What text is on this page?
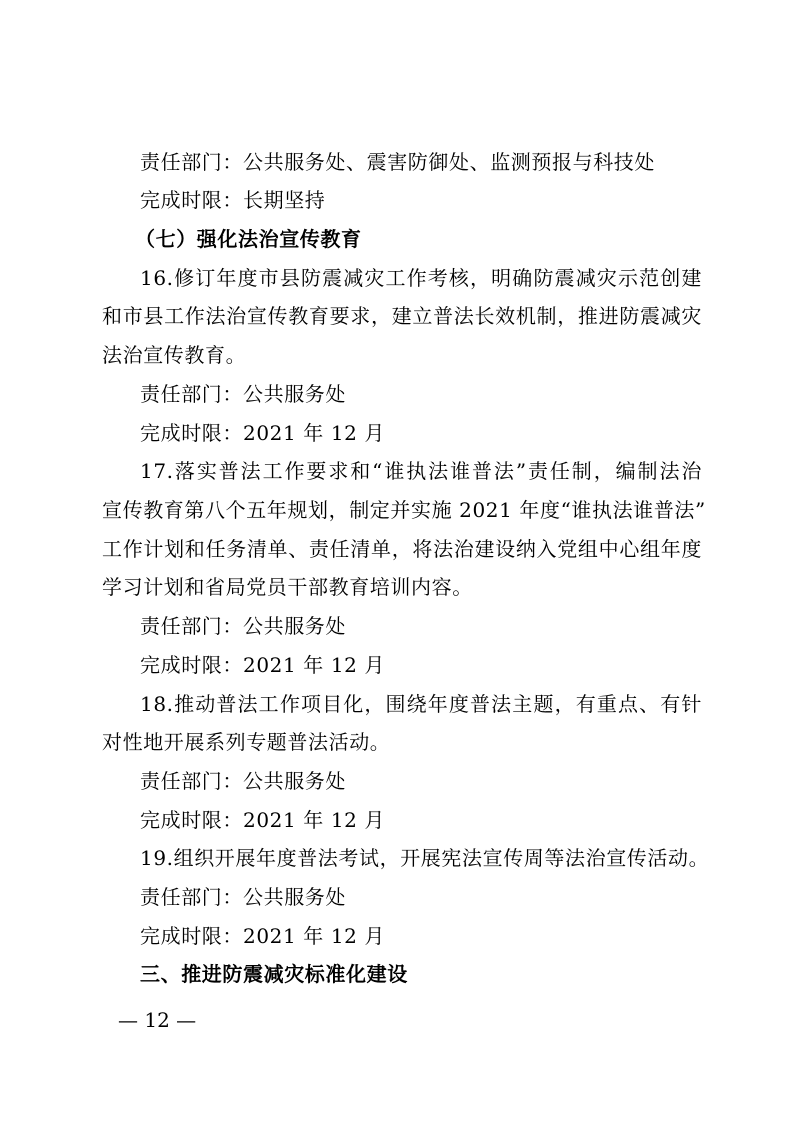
责任部门：公共服务处、震害防御处、监测预报与科技处
完成时限：长期坚持
（七）强化法治宣传教育
16.修订年度市县防震减灾工作考核，明确防震减灾示范创建
和市县工作法治宣传教育要求，建立普法长效机制，推进防震减灾
法治宣传教育。
责任部门：公共服务处
完成时限：2021 年 12 月
17.落实普法工作要求和“谁执法谁普法”责任制，编制法治
宣传教育第八个五年规划，制定并实施 2021 年度“谁执法谁普法”
工作计划和任务清单、责任清单，将法治建设纳入党组中心组年度
学习计划和省局党员干部教育培训内容。
责任部门：公共服务处
完成时限：2021 年 12 月
18.推动普法工作项目化，围绕年度普法主题，有重点、有针
对性地开展系列专题普法活动。
责任部门：公共服务处
完成时限：2021 年 12 月
19.组织开展年度普法考试，开展宪法宣传周等法治宣传活动。
责任部门：公共服务处
完成时限：2021 年 12 月
三、推进防震减灾标准化建设
— 12 —
